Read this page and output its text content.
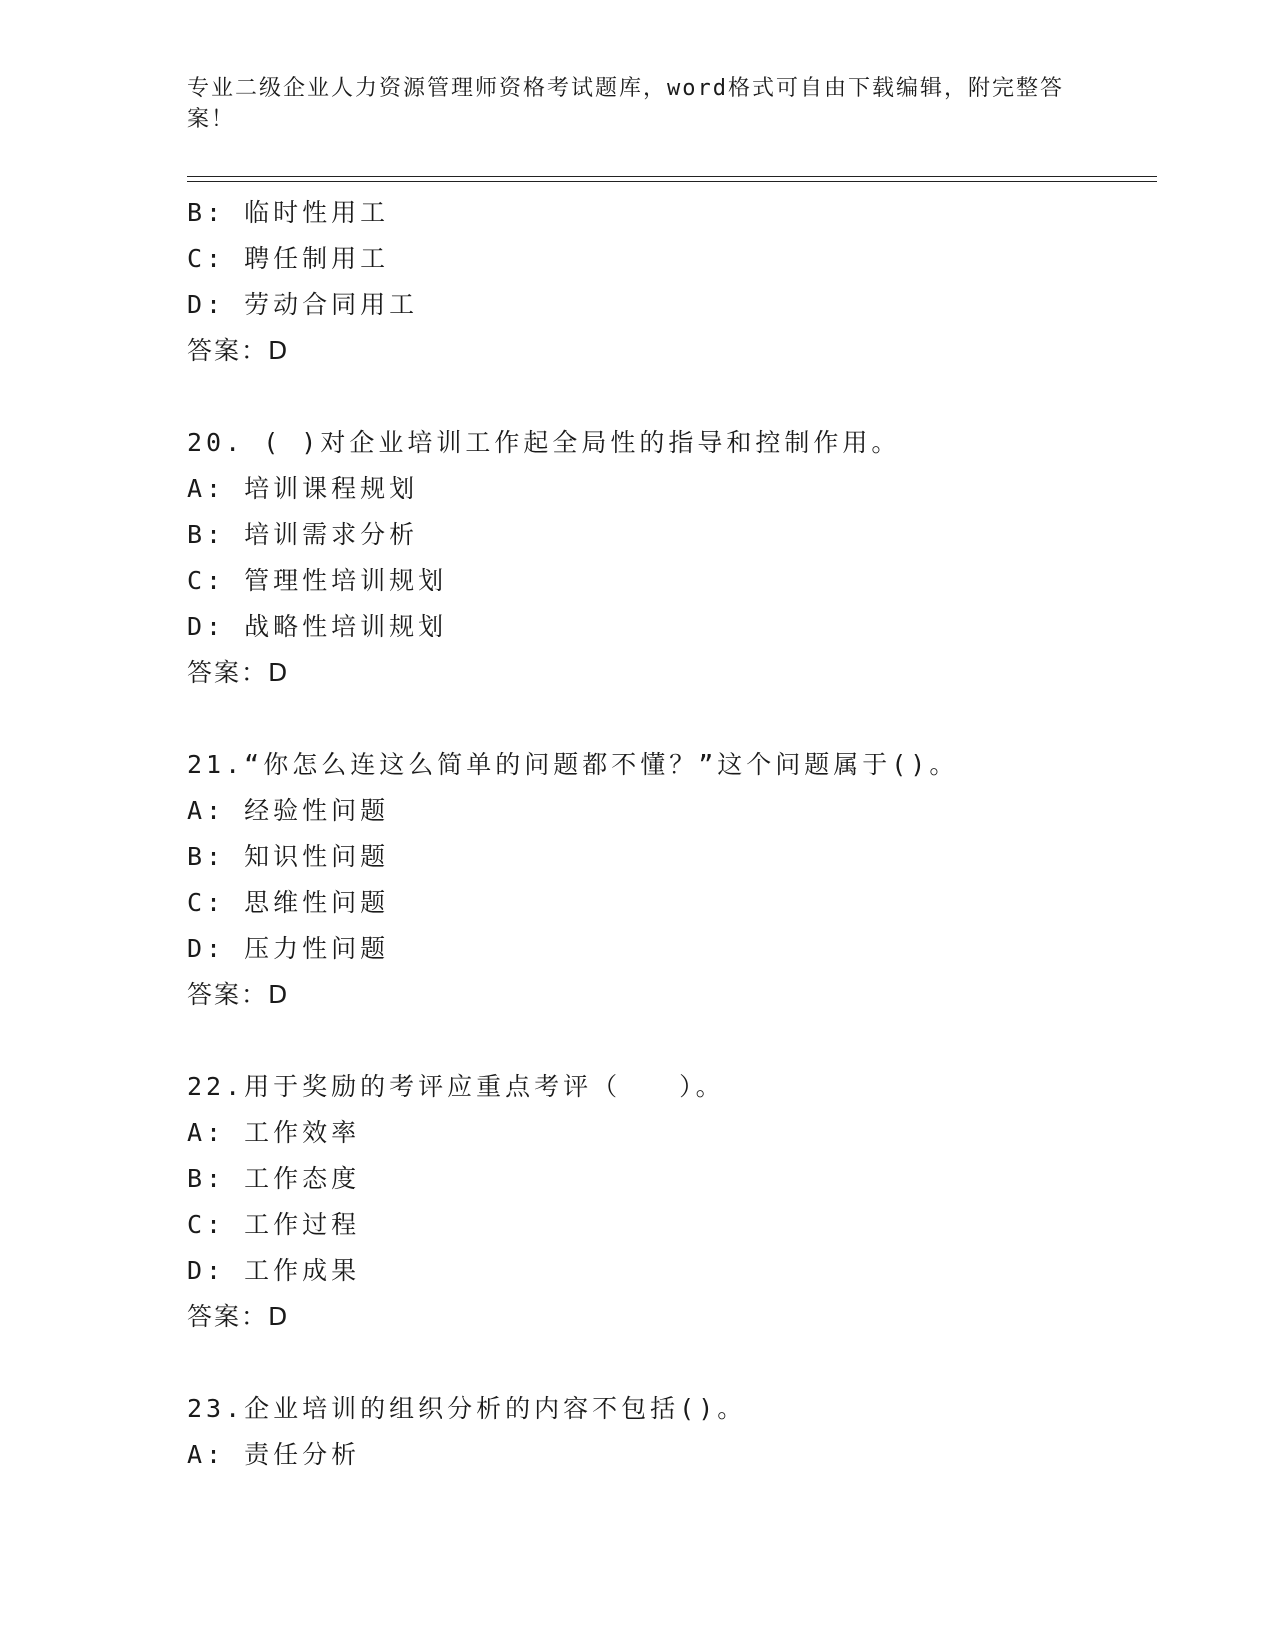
专业二级企业人力资源管理师资格考试题库，word格式可自由下载编辑，附完整答案！

B: 临时性用工
C: 聘任制用工
D: 劳动合同用工
答案：D
20. ( )对企业培训工作起全局性的指导和控制作用。
A: 培训课程规划
B: 培训需求分析
C: 管理性培训规划
D: 战略性培训规划
答案：D
21.“你怎么连这么简单的问题都不懂？”这个问题属于()。
A: 经验性问题
B: 知识性问题
C: 思维性问题
D: 压力性问题
答案：D
22.用于奖励的考评应重点考评（　　）。
A: 工作效率
B: 工作态度
C: 工作过程
D: 工作成果
答案：D
23.企业培训的组织分析的内容不包括()。
A: 责任分析
